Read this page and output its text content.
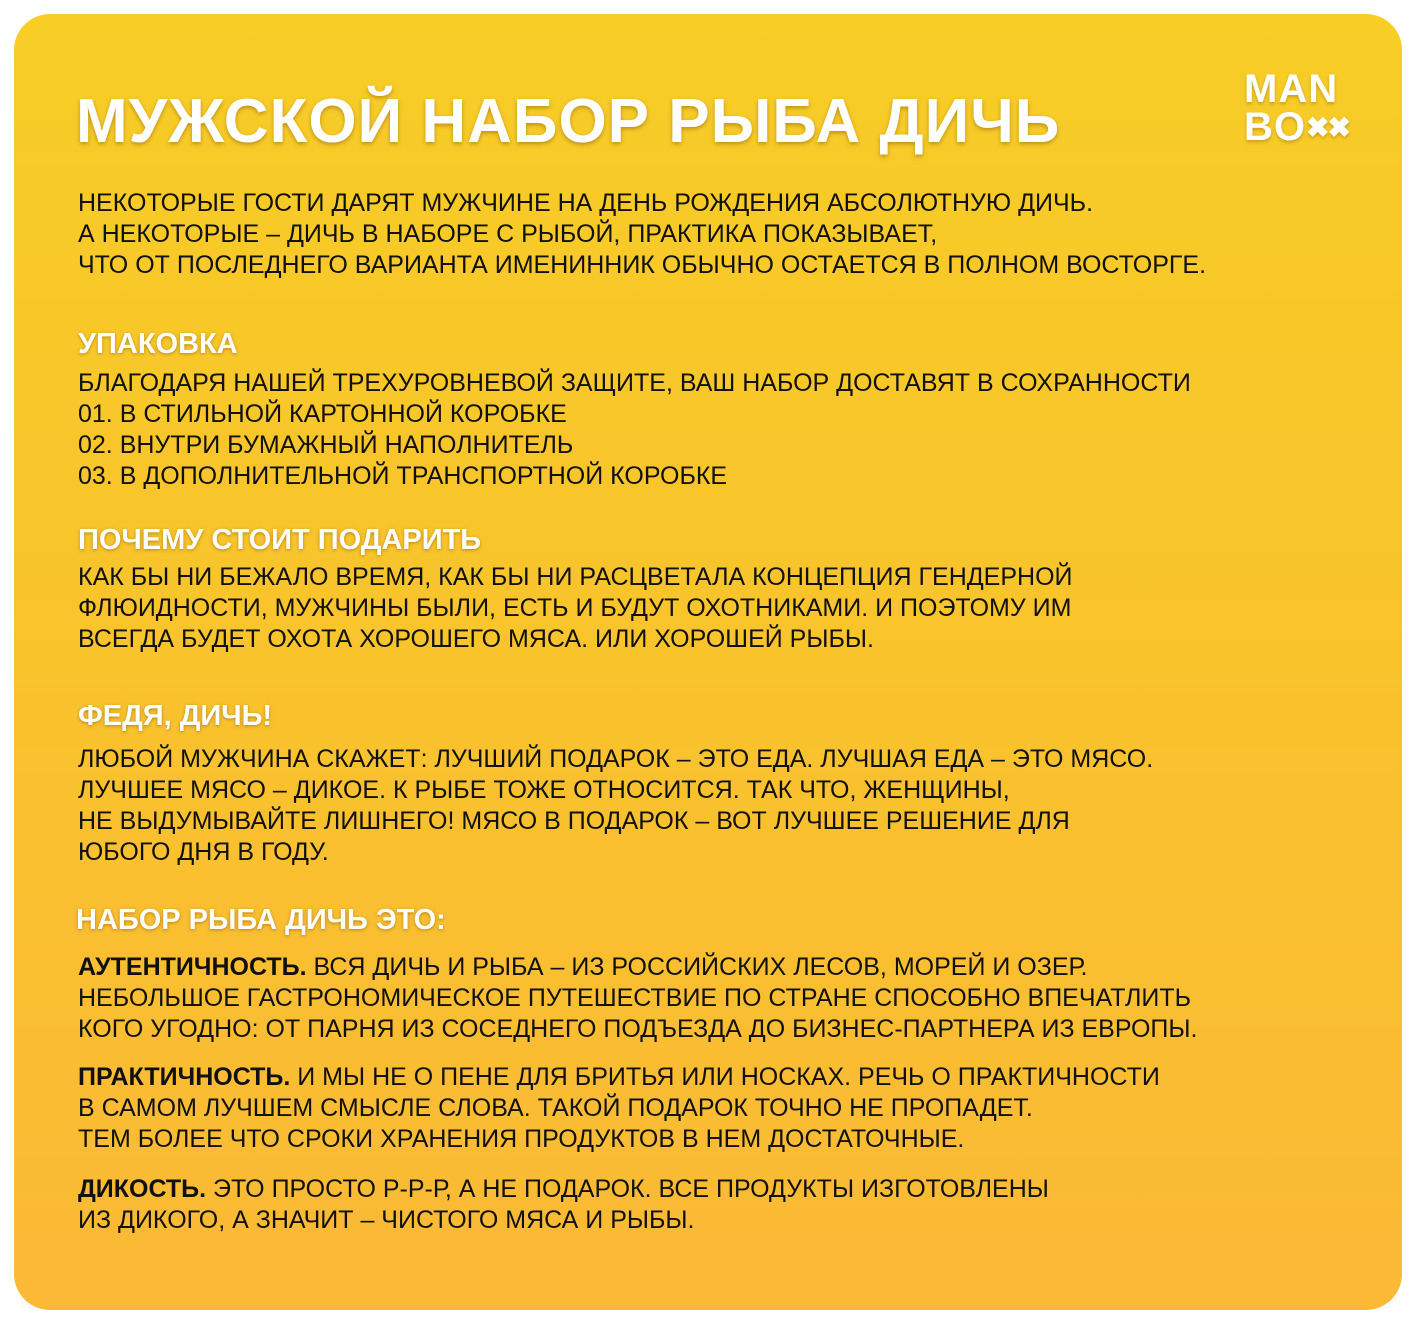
МУЖСКОЙ НАБОР РЫБА ДИЧЬ	MAN
BO✖✖

НЕКОТОРЫЕ ГОСТИ ДАРЯТ МУЖЧИНЕ НА ДЕНЬ РОЖДЕНИЯ АБСОЛЮТНУЮ ДИЧЬ.
А НЕКОТОРЫЕ – ДИЧЬ В НАБОРЕ С РЫБОЙ, ПРАКТИКА ПОКАЗЫВАЕТ,
ЧТО ОТ ПОСЛЕДНЕГО ВАРИАНТА ИМЕНИННИК ОБЫЧНО ОСТАЕТСЯ В ПОЛНОМ ВОСТОРГЕ.

УПАКОВКА

БЛАГОДАРЯ НАШЕЙ ТРЕХУРОВНЕВОЙ ЗАЩИТЕ, ВАШ НАБОР ДОСТАВЯТ В СОХРАННОСТИ
01. В СТИЛЬНОЙ КАРТОННОЙ КОРОБКЕ
02. ВНУТРИ БУМАЖНЫЙ НАПОЛНИТЕЛЬ
03. В ДОПОЛНИТЕЛЬНОЙ ТРАНСПОРТНОЙ КОРОБКЕ

ПОЧЕМУ СТОИТ ПОДАРИТЬ

КАК БЫ НИ БЕЖАЛО ВРЕМЯ, КАК БЫ НИ РАСЦВЕТАЛА КОНЦЕПЦИЯ ГЕНДЕРНОЙ
ФЛЮИДНОСТИ, МУЖЧИНЫ БЫЛИ, ЕСТЬ И БУДУТ ОХОТНИКАМИ. И ПОЭТОМУ ИМ
ВСЕГДА БУДЕТ ОХОТА ХОРОШЕГО МЯСА. ИЛИ ХОРОШЕЙ РЫБЫ.

ФЕДЯ, ДИЧЬ!

ЛЮБОЙ МУЖЧИНА СКАЖЕТ: ЛУЧШИЙ ПОДАРОК – ЭТО ЕДА. ЛУЧШАЯ ЕДА – ЭТО МЯСО.
ЛУЧШЕЕ МЯСО – ДИКОЕ. К РЫБЕ ТОЖЕ ОТНОСИТСЯ. ТАК ЧТО, ЖЕНЩИНЫ,
НЕ ВЫДУМЫВАЙТЕ ЛИШНЕГО! МЯСО В ПОДАРОК – ВОТ ЛУЧШЕЕ РЕШЕНИЕ ДЛЯ
ЮБОГО ДНЯ В ГОДУ.

НАБОР РЫБА ДИЧЬ ЭТО:

АУТЕНТИЧНОСТЬ. ВСЯ ДИЧЬ И РЫБА – ИЗ РОССИЙСКИХ ЛЕСОВ, МОРЕЙ И ОЗЕР.
НЕБОЛЬШОЕ ГАСТРОНОМИЧЕСКОЕ ПУТЕШЕСТВИЕ ПО СТРАНЕ СПОСОБНО ВПЕЧАТЛИТЬ
КОГО УГОДНО: ОТ ПАРНЯ ИЗ СОСЕДНЕГО ПОДЪЕЗДА ДО БИЗНЕС-ПАРТНЕРА ИЗ ЕВРОПЫ.

ПРАКТИЧНОСТЬ. И МЫ НЕ О ПЕНЕ ДЛЯ БРИТЬЯ ИЛИ НОСКАХ. РЕЧЬ О ПРАКТИЧНОСТИ
В САМОМ ЛУЧШЕМ СМЫСЛЕ СЛОВА. ТАКОЙ ПОДАРОК ТОЧНО НЕ ПРОПАДЕТ.
ТЕМ БОЛЕЕ ЧТО СРОКИ ХРАНЕНИЯ ПРОДУКТОВ В НЕМ ДОСТАТОЧНЫЕ.

ДИКОСТЬ. ЭТО ПРОСТО Р-Р-Р, А НЕ ПОДАРОК. ВСЕ ПРОДУКТЫ ИЗГОТОВЛЕНЫ
ИЗ ДИКОГО, А ЗНАЧИТ – ЧИСТОГО МЯСА И РЫБЫ.
